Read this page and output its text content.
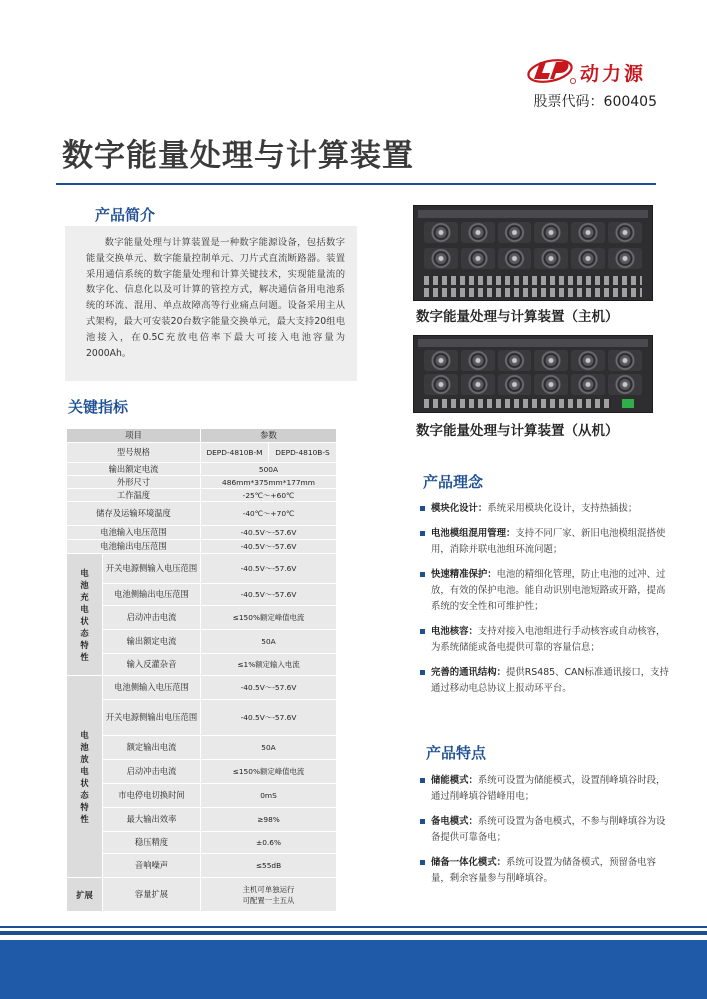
动力源
股票代码：600405
数字能量处理与计算装置
产品简介

数字能量处理与计算装置是一种数字能源设备，包括数字能量交换单元、数字能量控制单元、刀片式直流断路器。装置采用通信系统的数字能量处理和计算关键技术，实现能量流的数字化、信息化以及可计算的管控方式，解决通信备用电池系统的环流、混用、单点故障高等行业痛点问题。设备采用主从式架构，最大可安装20台数字能量交换单元，最大支持20组电池接入，在0.5C充放电倍率下最大可接入电池容量为2000Ah。

数字能量处理与计算装置（主机）
数字能量处理与计算装置（从机）
关键指标
项目		参数	
型号规格		DEPD-4810B-M	DEPD-4810B-S
输出额定电流		500A	
外形尺寸		486mm*375mm*177mm	
工作温度		-25℃～+60℃	
储存及运输环境温度		-40℃～+70℃	
电池输入电压范围		-40.5V～-57.6V	
电池输出电压范围		-40.5V～-57.6V	

电池充电状态特性	开关电源侧输入电压范围	-40.5V～-57.6V	
	电池侧输出电压范围	-40.5V～-57.6V	
	启动冲击电流	≤150%额定峰值电流	
	输出额定电流	50A	
	输入反灌杂音	≤1%额定输入电流	

电池放电状态特性	电池侧输入电压范围	-40.5V～-57.6V	
	开关电源侧输出电压范围	-40.5V～-57.6V	
	额定输出电流	50A	
	启动冲击电流	≤150%额定峰值电流	
	市电停电切换时间	0mS	
	最大输出效率	≥98%	
	稳压精度	±0.6%	
	音响噪声	≤55dB	
扩展	容量扩展	主机可单独运行
可配置一主五从	
产品理念
模块化设计：系统采用模块化设计，支持热插拔；
电池模组混用管理：支持不同厂家、新旧电池模组混搭使用，消除并联电池组环流问题；
快速精准保护：电池的精细化管理，防止电池的过冲、过放，有效的保护电池。能自动识别电池短路或开路，提高系统的安全性和可维护性；
电池核容：支持对接入电池组进行手动核容或自动核容，为系统储能或备电提供可靠的容量信息；
完善的通讯结构：提供RS485、CAN标准通讯接口，支持通过移动电总协议上报动环平台。
产品特点
储能模式：系统可设置为储能模式，设置削峰填谷时段，通过削峰填谷错峰用电；
备电模式：系统可设置为备电模式，不参与削峰填谷为设备提供可靠备电；
储备一体化模式：系统可设置为储备模式，预留备电容量，剩余容量参与削峰填谷。
